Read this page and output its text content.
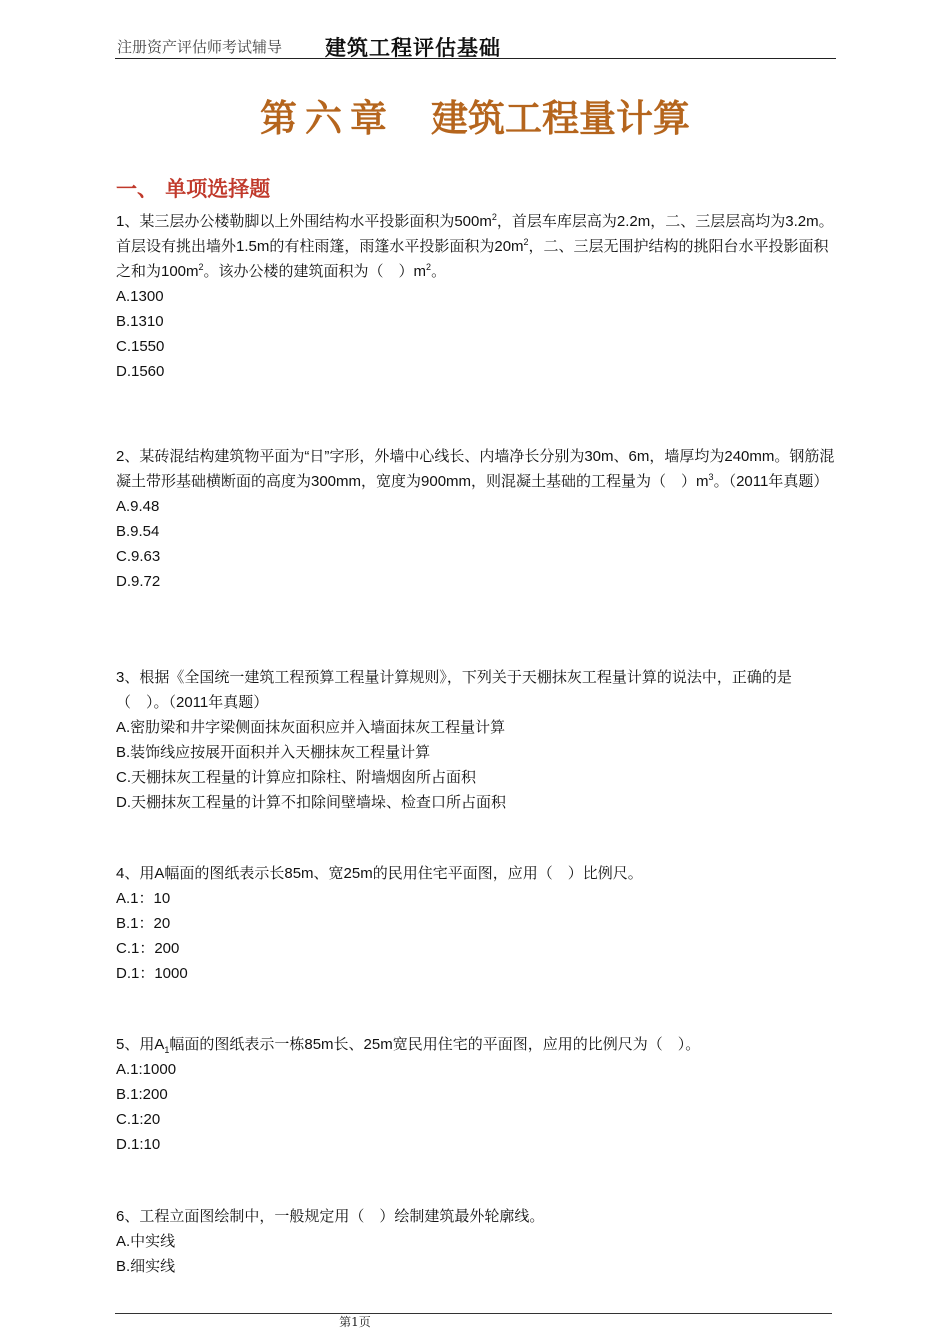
注册资产评估师考试辅导 建筑工程评估基础
第六章 建筑工程量计算
一、 单项选择题

1、某三层办公楼勒脚以上外围结构水平投影面积为$500m^2$，首层车库层高为2.2m，二、三层层高均为3.2m。首层设有挑出墙外1.5m的有柱雨篷，雨篷水平投影面积为$20m^2$，二、三层无围护结构的挑阳台水平投影面积之和为$100m^2$。该办公楼的建筑面积为（　）$m^2$。

A.1300

B.1310

C.1550

D.1560

2、某砖混结构建筑物平面为“日”字形，外墙中心线长、内墙净长分别为30m、6m，墙厚均为240mm。钢筋混凝土带形基础横断面的高度为300mm，宽度为900mm，则混凝土基础的工程量为（　）$m^3$。（2011年真题）

A.9.48

B.9.54

C.9.63

D.9.72

3、根据《全国统一建筑工程预算工程量计算规则》，下列关于天棚抹灰工程量计算的说法中，正确的是（　）。（2011年真题）

A.密肋梁和井字梁侧面抹灰面积应并入墙面抹灰工程量计算

B.装饰线应按展开面积并入天棚抹灰工程量计算

C.天棚抹灰工程量的计算应扣除柱、附墙烟囱所占面积

D.天棚抹灰工程量的计算不扣除间壁墙垛、检查口所占面积

4、用A幅面的图纸表示长85m、宽25m的民用住宅平面图，应用（　）比例尺。

A.1：10

B.1：20

C.1：200

D.1：1000

5、用$A_1$幅面的图纸表示一栋85m长、25m宽民用住宅的平面图，应用的比例尺为（　）。

A.1:1000

B.1:200

C.1:20

D.1:10

6、工程立面图绘制中，一般规定用（　）绘制建筑最外轮廓线。

A.中实线

B.细实线

第1页
